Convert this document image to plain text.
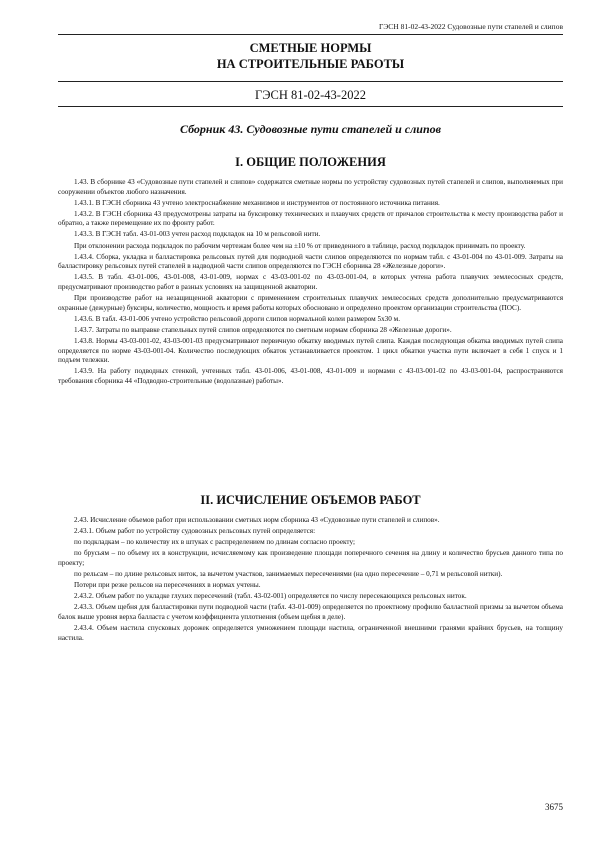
ГЭСН 81-02-43-2022 Судовозные пути стапелей и слипов
СМЕТНЫЕ НОРМЫ
НА СТРОИТЕЛЬНЫЕ РАБОТЫ
ГЭСН 81-02-43-2022
Сборник 43. Судовозные пути стапелей и слипов
I. ОБЩИЕ ПОЛОЖЕНИЯ

1.43. В сборнике 43 «Судовозные пути стапелей и слипов» содержатся сметные нормы по устройству судовозных путей стапелей и слипов, выполняемых при сооружении объектов любого назначения.

1.43.1. В ГЭСН сборника 43 учтено электроснабжение механизмов и инструментов от постоянного источника питания.

1.43.2. В ГЭСН сборника 43 предусмотрены затраты на буксировку технических и плавучих средств от причалов строительства к месту производства работ и обратно, а также перемещение их по фронту работ.

1.43.3. В ГЭСН табл. 43-01-003 учтен расход подкладок на 10 м рельсовой нити.

При отклонении расхода подкладок по рабочим чертежам более чем на ±10 % от приведенного в таблице, расход подкладок принимать по проекту.

1.43.4. Сборка, укладка и балластировка рельсовых путей для подводной части слипов определяются по нормам табл. с 43-01-004 по 43-01-009. Затраты на балластировку рельсовых путей стапелей в надводной части слипов определяются по ГЭСН сборника 28 «Железные дороги».

1.43.5. В табл. 43-01-006, 43-01-008, 43-01-009, нормах с 43-03-001-02 по 43-03-001-04, в которых учтена работа плавучих землесосных средств, предусматривают производство работ в разных условиях на защищенной акватории.

При производстве работ на незащищенной акватории с применением строительных плавучих землесосных средств дополнительно предусматриваются охранные (дежурные) буксиры, количество, мощность и время работы которых обосновано и определено проектом организации строительства (ПОС).

1.43.6. В табл. 43-01-006 учтено устройство рельсовой дороги слипов нормальной колеи размером 5х30 м.

1.43.7. Затраты по выправке стапельных путей слипов определяются по сметным нормам сборника 28 «Железные дороги».

1.43.8. Нормы 43-03-001-02, 43-03-001-03 предусматривают первичную обкатку вводимых путей слипа. Каждая последующая обкатка вводимых путей слипа определяется по норме 43-03-001-04. Количество последующих обкаток устанавливается проектом. 1 цикл обкатки участка пути включает в себя 1 спуск и 1 подъем тележки.

1.43.9. На работу подводных стенкой, учтенных табл. 43-01-006, 43-01-008, 43-01-009 и нормами с 43-03-001-02 по 43-03-001-04, распространяются требования сборника 44 «Подводно-строительные (водолазные) работы».

II. ИСЧИСЛЕНИЕ ОБЪЕМОВ РАБОТ

2.43. Исчисление объемов работ при использовании сметных норм сборника 43 «Судовозные пути стапелей и слипов».

2.43.1. Объем работ по устройству судовозных рельсовых путей определяется:

по подкладкам – по количеству их в штуках с распределением по длинам согласно проекту;

по брусьям – по объему их в конструкции, исчисляемому как произведение площади поперечного сечения на длину и количество брусьев данного типа по проекту;

по рельсам – по длине рельсовых ниток, за вычетом участков, занимаемых пересечениями (на одно пересечение – 0,71 м рельсовой нитки).

Потери при резке рельсов на пересечениях в нормах учтены.

2.43.2. Объем работ по укладке глухих пересечений (табл. 43-02-001) определяется по числу пересекающихся рельсовых ниток.

2.43.3. Объем щебня для балластировки пути подводной части (табл. 43-01-009) определяется по проектному профилю балластной призмы за вычетом объема балок выше уровня верха балласта с учетом коэффициента уплотнения (объем щебня в деле).

2.43.4. Объем настила спусковых дорожек определяется умножением площади настила, ограниченной внешними гранями крайних брусьев, на толщину настила.

3675
